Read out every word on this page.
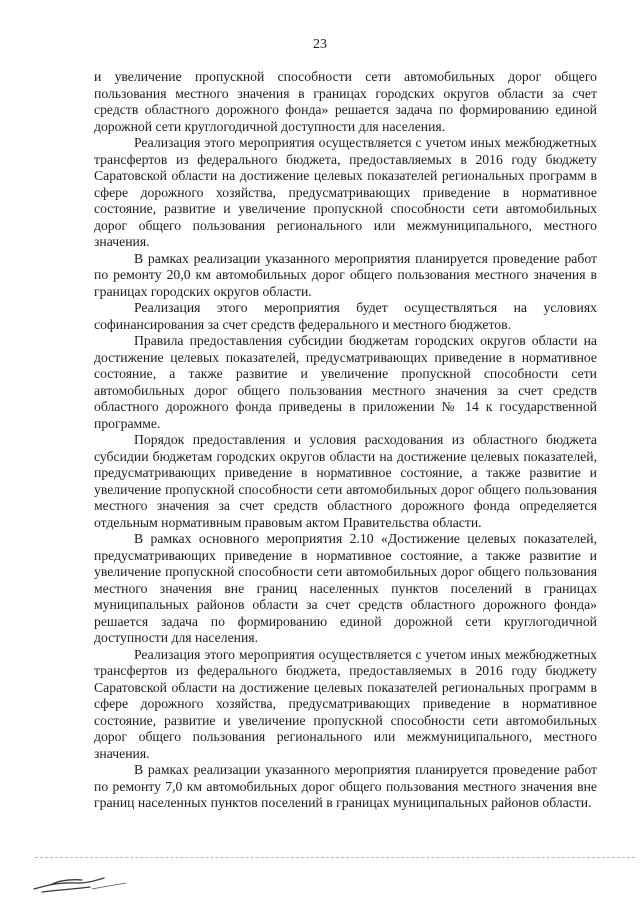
23

и увеличение пропускной способности сети автомобильных дорог общего пользования местного значения в границах городских округов области за счет средств областного дорожного фонда» решается задача по формированию единой дорожной сети круглогодичной доступности для населения.

Реализация этого мероприятия осуществляется с учетом иных межбюджетных трансфертов из федерального бюджета, предоставляемых в 2016 году бюджету Саратовской области на достижение целевых показателей региональных программ в сфере дорожного хозяйства, предусматривающих приведение в нормативное состояние, развитие и увеличение пропускной способности сети автомобильных дорог общего пользования регионального или межмуниципального, местного значения.

В рамках реализации указанного мероприятия планируется проведение работ по ремонту 20,0 км автомобильных дорог общего пользования местного значения в границах городских округов области.

Реализация этого мероприятия будет осуществляться на условиях софинансирования за счет средств федерального и местного бюджетов.

Правила предоставления субсидии бюджетам городских округов области на достижение целевых показателей, предусматривающих приведение в нормативное состояние, а также развитие и увеличение пропускной способности сети автомобильных дорог общего пользования местного значения за счет средств областного дорожного фонда приведены в приложении № 14 к государственной программе.

Порядок предоставления и условия расходования из областного бюджета субсидии бюджетам городских округов области на достижение целевых показателей, предусматривающих приведение в нормативное состояние, а также развитие и увеличение пропускной способности сети автомобильных дорог общего пользования местного значения за счет средств областного дорожного фонда определяется отдельным нормативным правовым актом Правительства области.

В рамках основного мероприятия 2.10 «Достижение целевых показателей, предусматривающих приведение в нормативное состояние, а также развитие и увеличение пропускной способности сети автомобильных дорог общего пользования местного значения вне границ населенных пунктов поселений в границах муниципальных районов области за счет средств областного дорожного фонда» решается задача по формированию единой дорожной сети круглогодичной доступности для населения.

Реализация этого мероприятия осуществляется с учетом иных межбюджетных трансфертов из федерального бюджета, предоставляемых в 2016 году бюджету Саратовской области на достижение целевых показателей региональных программ в сфере дорожного хозяйства, предусматривающих приведение в нормативное состояние, развитие и увеличение пропускной способности сети автомобильных дорог общего пользования регионального или межмуниципального, местного значения.

В рамках реализации указанного мероприятия планируется проведение работ по ремонту 7,0 км автомобильных дорог общего пользования местного значения вне границ населенных пунктов поселений в границах муниципальных районов области.
